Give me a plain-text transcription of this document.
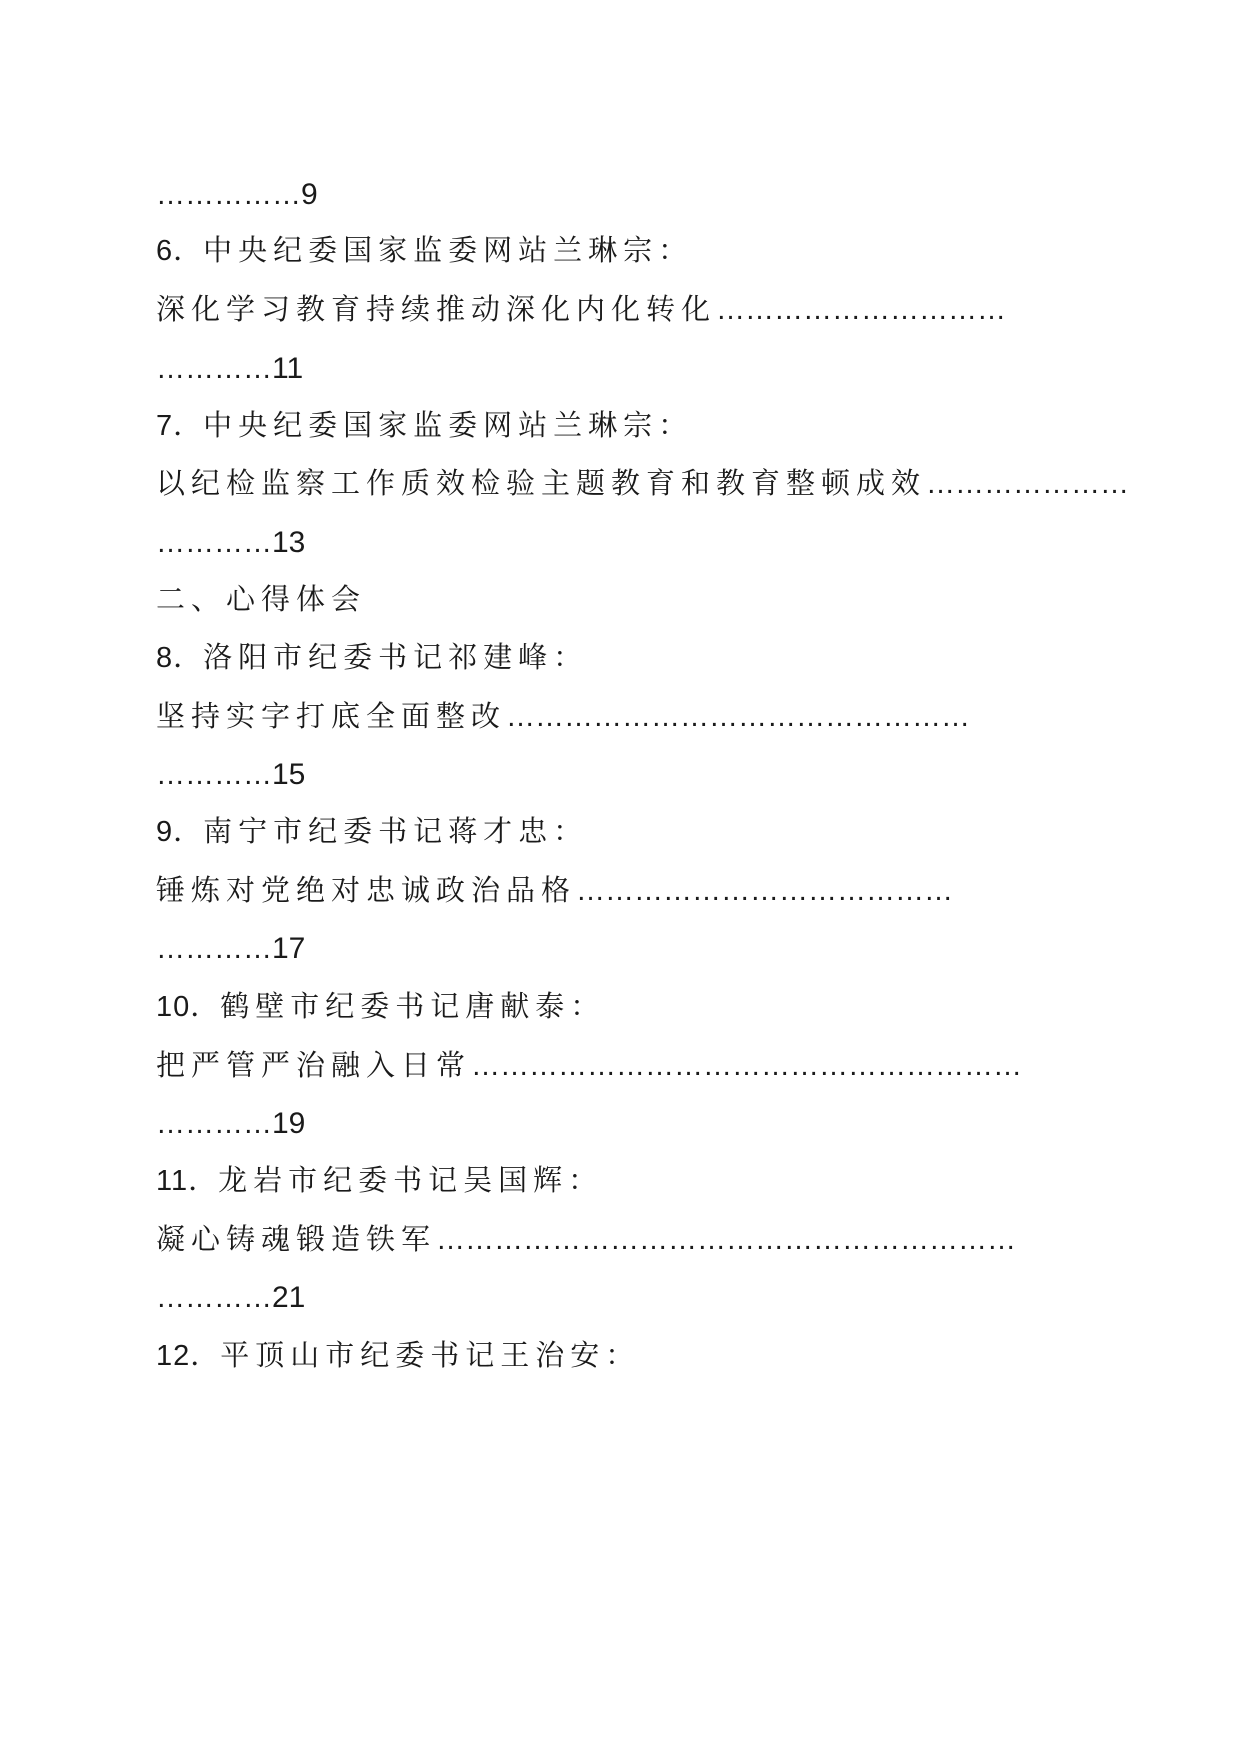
……………9
6．中央纪委国家监委网站兰琳宗：
深化学习教育持续推动深化内化转化…………………………
…………11
7．中央纪委国家监委网站兰琳宗：
以纪检监察工作质效检验主题教育和教育整顿成效…………………
…………13
二、心得体会
8．洛阳市纪委书记祁建峰：
坚持实字打底全面整改…………………………………………
…………15
9．南宁市纪委书记蒋才忠：
锤炼对党绝对忠诚政治品格…………………………………
…………17
10．鹤壁市纪委书记唐献泰：
把严管严治融入日常…………………………………………………
…………19
11．龙岩市纪委书记吴国辉：
凝心铸魂锻造铁军……………………………………………………
…………21
12．平顶山市纪委书记王治安：
